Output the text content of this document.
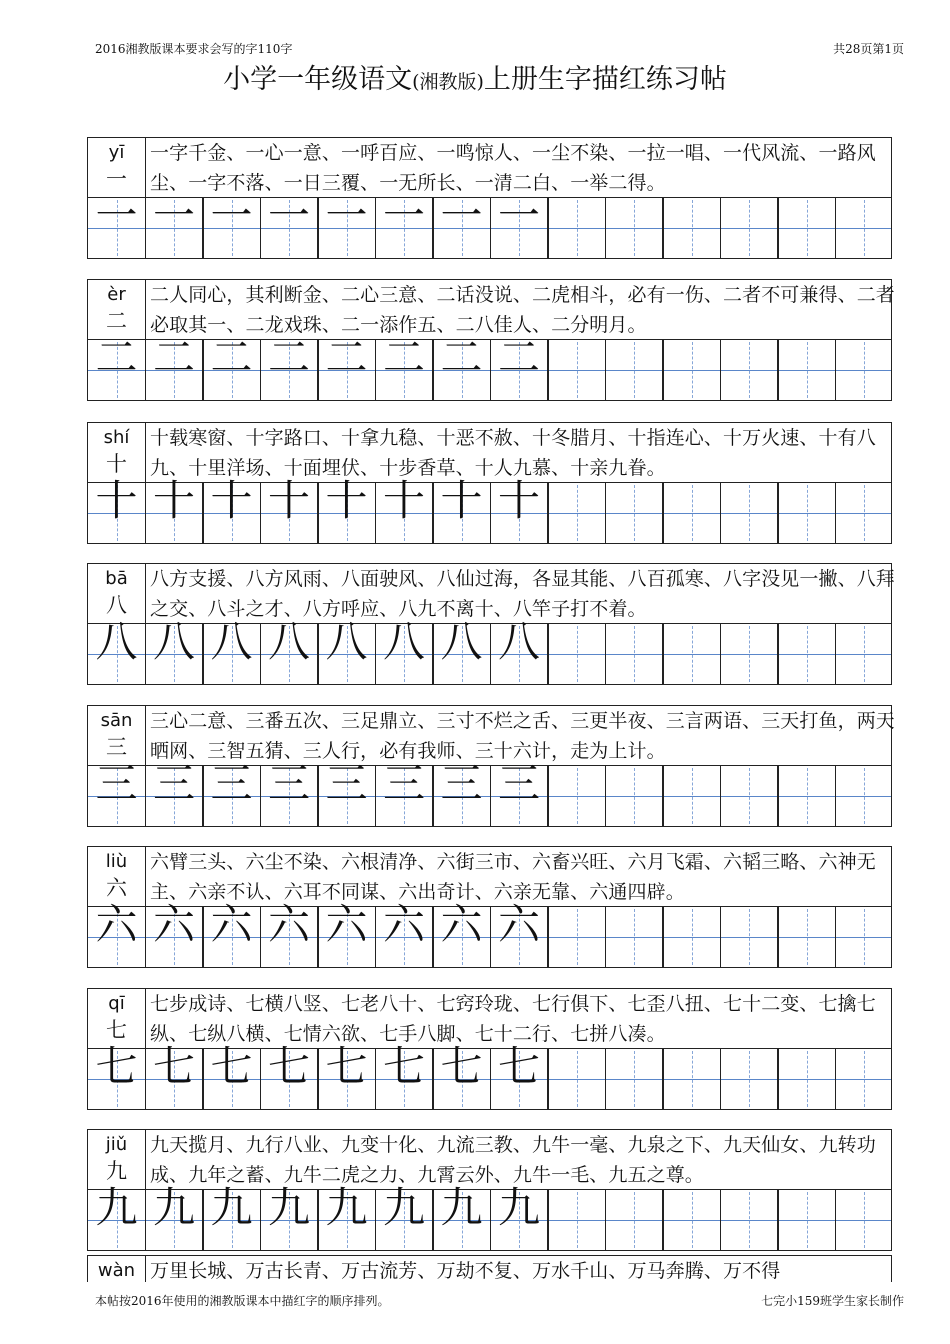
2016湘教版课本要求会写的字110字	共28页第1页
小学一年级语文(湘教版)上册生字描红练习帖
yī
一
一字千金、一心一意、一呼百应、一鸣惊人、一尘不染、一拉一唱、一代风流、一路风尘、一字不落、一日三覆、一无所长、一清二白、一举二得。
一 一 一 一 一 一 一 一
èr
二
二人同心，其利断金、二心三意、二话没说、二虎相斗，必有一伤、二者不可兼得、二者必取其一、二龙戏珠、二一添作五、二八佳人、二分明月。
二 二 二 二 二 二 二 二
shí
十
十载寒窗、十字路口、十拿九稳、十恶不赦、十冬腊月、十指连心、十万火速、十有八九、十里洋场、十面埋伏、十步香草、十人九慕、十亲九眷。
十 十 十 十 十 十 十 十
bā
八
八方支援、八方风雨、八面驶风、八仙过海，各显其能、八百孤寒、八字没见一撇、八拜之交、八斗之才、八方呼应、八九不离十、八竿子打不着。
八 八 八 八 八 八 八 八
sān
三
三心二意、三番五次、三足鼎立、三寸不烂之舌、三更半夜、三言两语、三天打鱼，两天晒网、三智五猜、三人行，必有我师、三十六计，走为上计。
三 三 三 三 三 三 三 三
liù
六
六臂三头、六尘不染、六根清净、六街三市、六畜兴旺、六月飞霜、六韬三略、六神无主、六亲不认、六耳不同谋、六出奇计、六亲无靠、六通四辟。
六 六 六 六 六 六 六 六
qī
七
七步成诗、七横八竖、七老八十、七窍玲珑、七行俱下、七歪八扭、七十二变、七擒七纵、七纵八横、七情六欲、七手八脚、七十二行、七拼八凑。
七 七 七 七 七 七 七 七
jiǔ
九
九天揽月、九行八业、九变十化、九流三教、九牛一毫、九泉之下、九天仙女、九转功成、九年之蓄、九牛二虎之力、九霄云外、九牛一毛、九五之尊。
九 九 九 九 九 九 九 九
wàn 万里长城、万古长青、万古流芳、万劫不复、万水千山、万马奔腾、万不得
本帖按2016年使用的湘教版课本中描红字的顺序排列。	七完小159班学生家长制作
